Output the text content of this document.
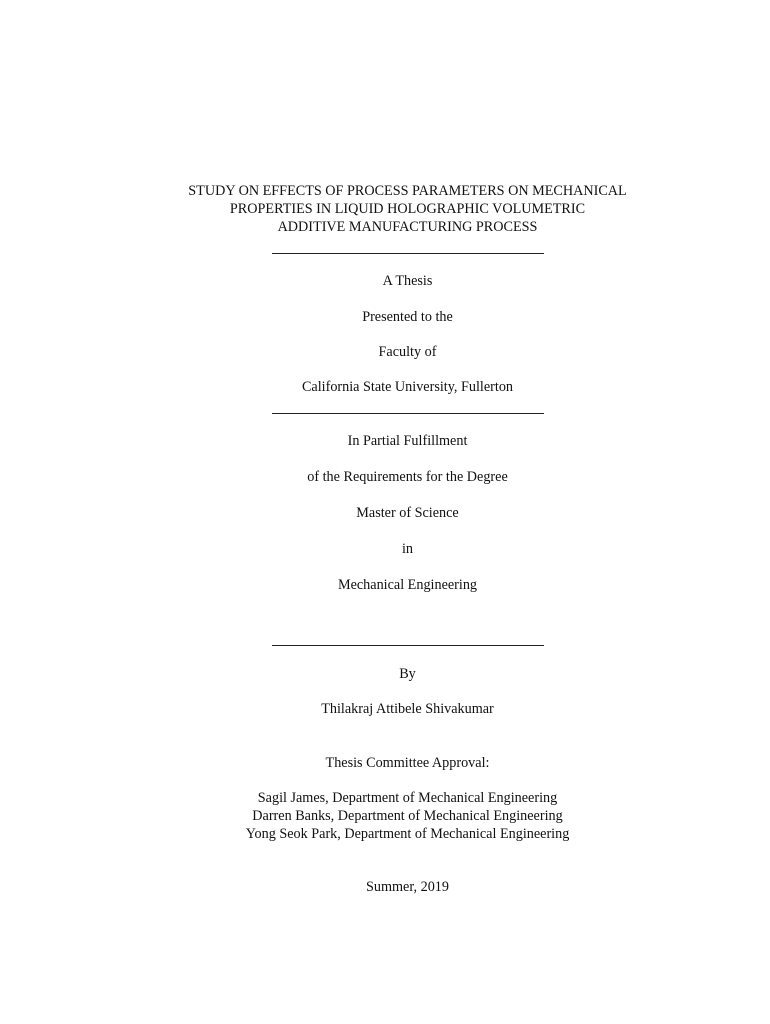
STUDY ON EFFECTS OF PROCESS PARAMETERS ON MECHANICAL
PROPERTIES IN LIQUID HOLOGRAPHIC VOLUMETRIC
ADDITIVE MANUFACTURING PROCESS
A Thesis
Presented to the
Faculty of
California State University, Fullerton
In Partial Fulfillment
of the Requirements for the Degree
Master of Science
in
Mechanical Engineering
By
Thilakraj Attibele Shivakumar
Thesis Committee Approval:
Sagil James, Department of Mechanical Engineering
Darren Banks, Department of Mechanical Engineering
Yong Seok Park, Department of Mechanical Engineering
Summer, 2019
